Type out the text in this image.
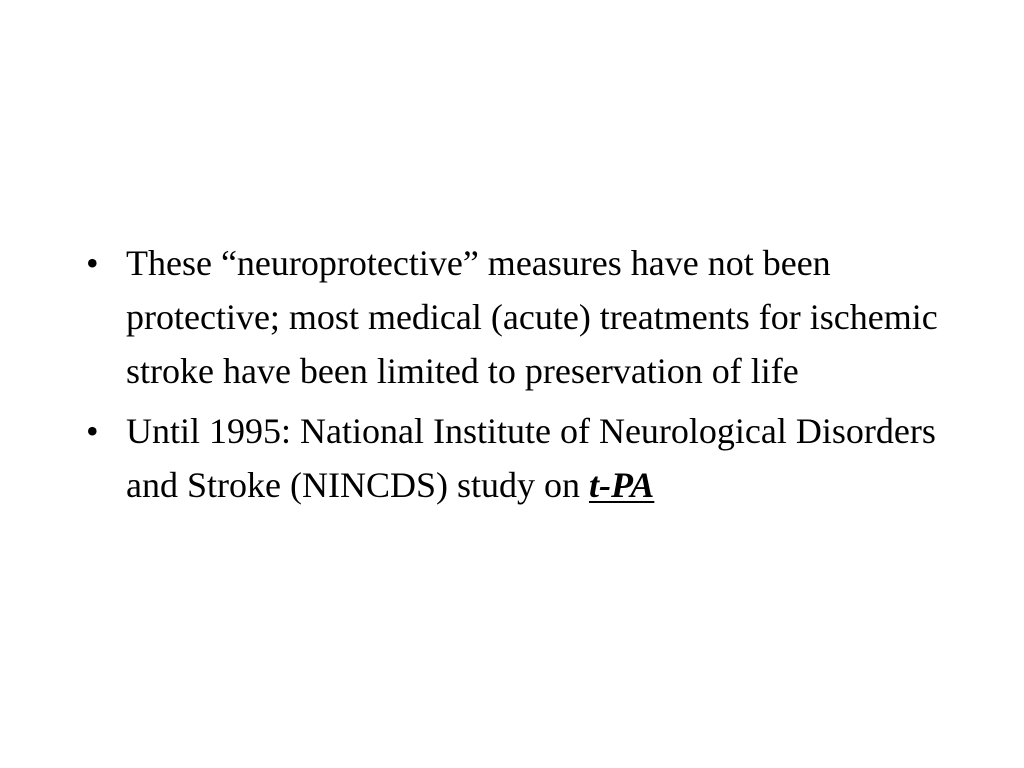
• These “neuroprotective” measures have not been protective; most medical (acute) treatments for ischemic stroke have been limited to preservation of life
• Until 1995: National Institute of Neurological Disorders and Stroke (NINCDS) study on t-PA
